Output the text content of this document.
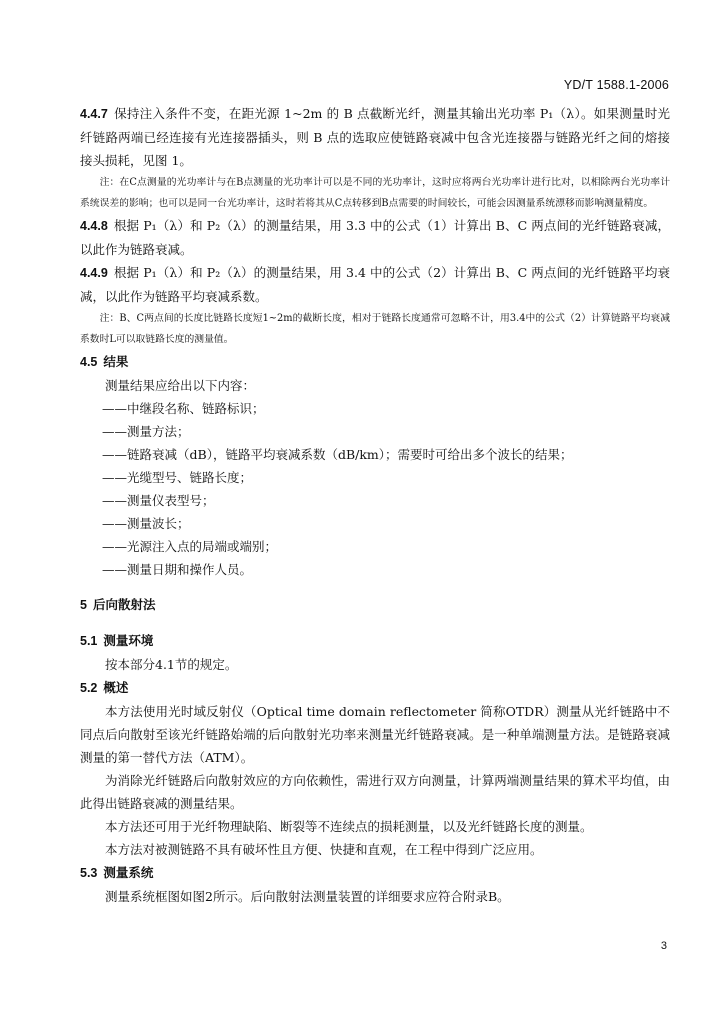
YD/T 1588.1-2006

4.4.7 保持注入条件不变，在距光源 1~2m 的 B 点截断光纤，测量其输出光功率 P₁（λ）。如果测量时光纤链路两端已经连接有光连接器插头，则 B 点的选取应使链路衰减中包含光连接器与链路光纤之间的熔接接头损耗，见图 1。

注：在C点测量的光功率计与在B点测量的光功率计可以是不同的光功率计，这时应将两台光功率计进行比对，以相除两台光功率计系统误差的影响；也可以是同一台光功率计，这时若将其从C点转移到B点需要的时间较长，可能会因测量系统漂移而影响测量精度。

4.4.8 根据 P₁（λ）和 P₂（λ）的测量结果，用 3.3 中的公式（1）计算出 B、C 两点间的光纤链路衰减，以此作为链路衰减。

4.4.9 根据 P₁（λ）和 P₂（λ）的测量结果，用 3.4 中的公式（2）计算出 B、C 两点间的光纤链路平均衰减，以此作为链路平均衰减系数。

注：B、C两点间的长度比链路长度短1~2m的截断长度，相对于链路长度通常可忽略不计，用3.4中的公式（2）计算链路平均衰减系数时L可以取链路长度的测量值。

4.5 结果

测量结果应给出以下内容：

——中继段名称、链路标识；

——测量方法；

——链路衰减（dB），链路平均衰减系数（dB/km）；需要时可给出多个波长的结果；

——光缆型号、链路长度；

——测量仪表型号；

——测量波长；

——光源注入点的局端或端别；

——测量日期和操作人员。

5 后向散射法

5.1 测量环境

按本部分4.1节的规定。

5.2 概述

本方法使用光时域反射仪（Optical time domain reflectometer 简称OTDR）测量从光纤链路中不同点后向散射至该光纤链路始端的后向散射光功率来测量光纤链路衰减。是一种单端测量方法。是链路衰减测量的第一替代方法（ATM）。

为消除光纤链路后向散射效应的方向依赖性，需进行双方向测量，计算两端测量结果的算术平均值，由此得出链路衰减的测量结果。

本方法还可用于光纤物理缺陷、断裂等不连续点的损耗测量，以及光纤链路长度的测量。

本方法对被测链路不具有破坏性且方便、快捷和直观，在工程中得到广泛应用。

5.3 测量系统

测量系统框图如图2所示。后向散射法测量装置的详细要求应符合附录B。

3
